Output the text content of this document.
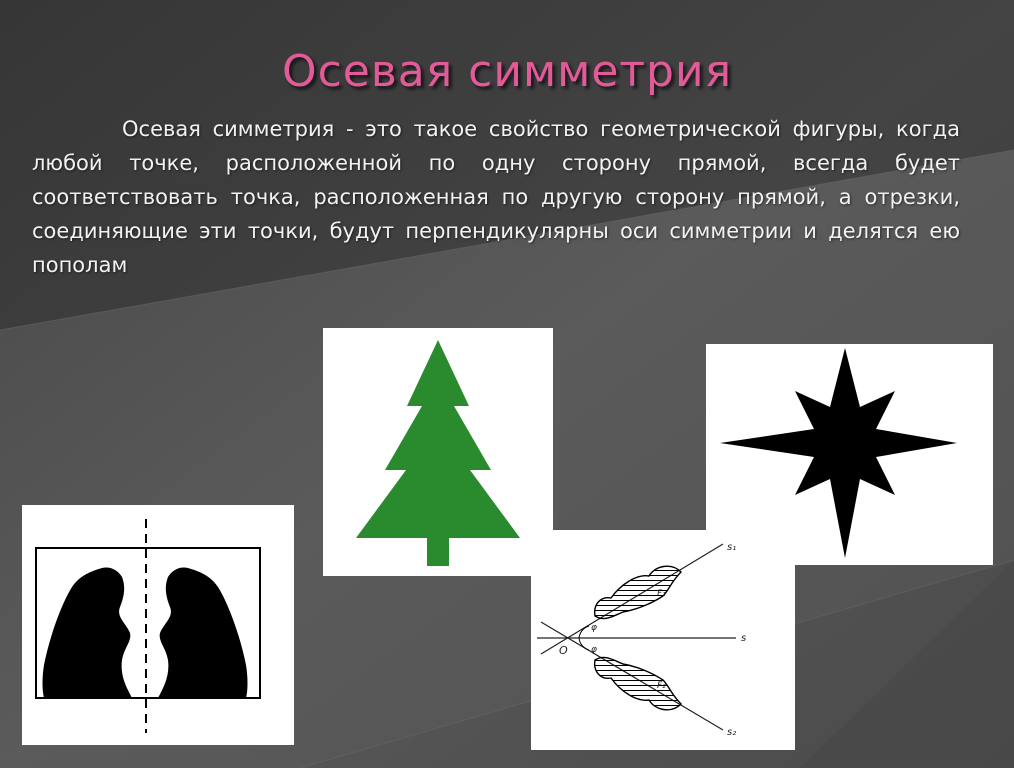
Осевая симметрия

Осевая симметрия - это такое свойство геометрической фигуры, когда любой точке, расположенной по одну сторону прямой, всегда будет соответствовать точка, расположенная по другую сторону прямой, а отрезки, соединяющие эти точки, будут перпендикулярны оси симметрии и делятся ею пополам

s₁
s
s₂
O
F₁
F₂
φ
φ
